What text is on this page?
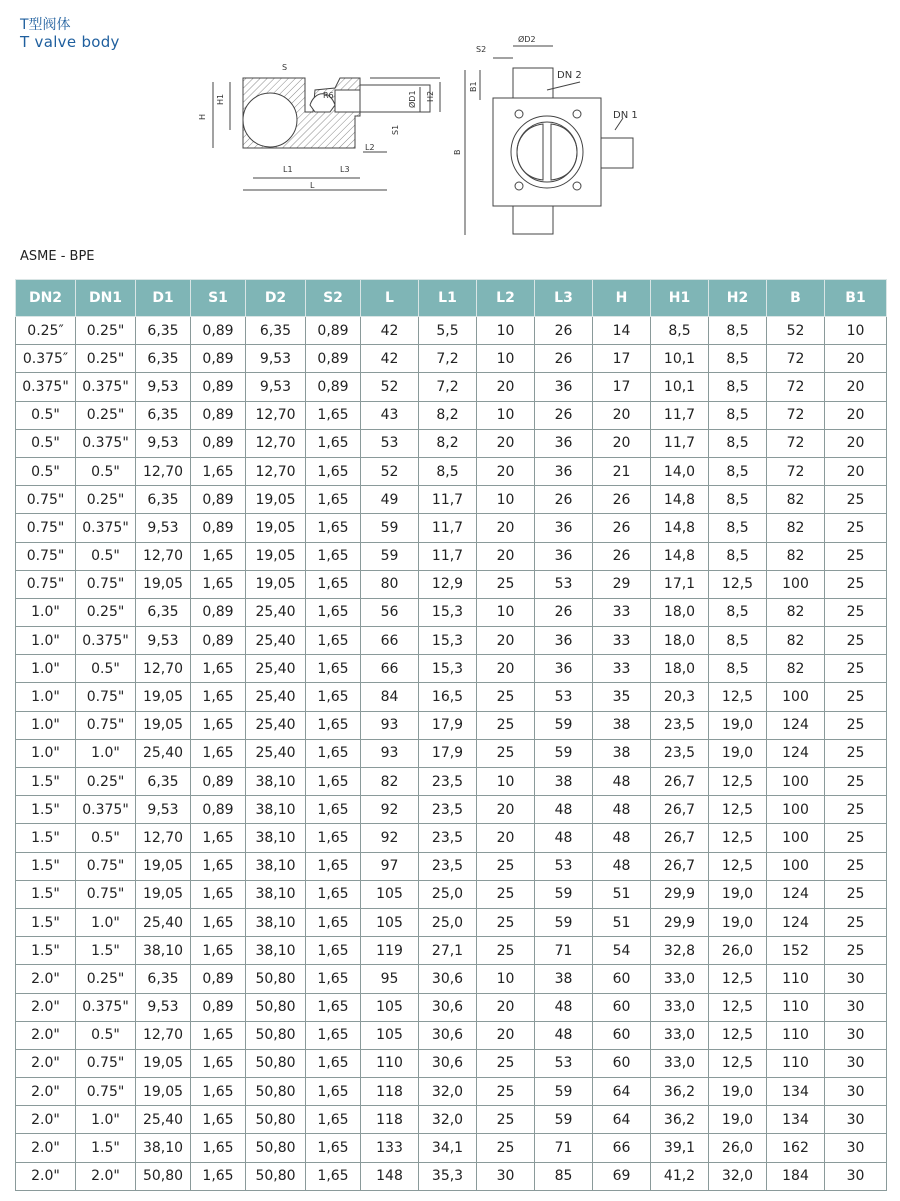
T型阀体
T valve body
S
H
H1	R6	ØD1 H2
S1
L2
L1	L3
L
S2
ØD2
B1
DN 2
DN 1
B
ASME - BPE
DN2	DN1	D1	S1	D2	S2	L	L1	L2	L3	H	H1	H2	B	B1
0.25″	0.25"	6,35	0,89	6,35	0,89	42	5,5	10	26	14	8,5	8,5	52	10
0.375″	0.25"	6,35	0,89	9,53	0,89	42	7,2	10	26	17	10,1	8,5	72	20
0.375"	0.375"	9,53	0,89	9,53	0,89	52	7,2	20	36	17	10,1	8,5	72	20
0.5"	0.25"	6,35	0,89	12,70	1,65	43	8,2	10	26	20	11,7	8,5	72	20
0.5"	0.375"	9,53	0,89	12,70	1,65	53	8,2	20	36	20	11,7	8,5	72	20
0.5"	0.5"	12,70	1,65	12,70	1,65	52	8,5	20	36	21	14,0	8,5	72	20
0.75"	0.25"	6,35	0,89	19,05	1,65	49	11,7	10	26	26	14,8	8,5	82	25
0.75"	0.375"	9,53	0,89	19,05	1,65	59	11,7	20	36	26	14,8	8,5	82	25
0.75"	0.5"	12,70	1,65	19,05	1,65	59	11,7	20	36	26	14,8	8,5	82	25
0.75"	0.75"	19,05	1,65	19,05	1,65	80	12,9	25	53	29	17,1	12,5	100	25
1.0"	0.25"	6,35	0,89	25,40	1,65	56	15,3	10	26	33	18,0	8,5	82	25
1.0"	0.375"	9,53	0,89	25,40	1,65	66	15,3	20	36	33	18,0	8,5	82	25
1.0"	0.5"	12,70	1,65	25,40	1,65	66	15,3	20	36	33	18,0	8,5	82	25
1.0"	0.75"	19,05	1,65	25,40	1,65	84	16,5	25	53	35	20,3	12,5	100	25
1.0"	0.75"	19,05	1,65	25,40	1,65	93	17,9	25	59	38	23,5	19,0	124	25
1.0"	1.0"	25,40	1,65	25,40	1,65	93	17,9	25	59	38	23,5	19,0	124	25
1.5"	0.25"	6,35	0,89	38,10	1,65	82	23,5	10	38	48	26,7	12,5	100	25
1.5"	0.375"	9,53	0,89	38,10	1,65	92	23,5	20	48	48	26,7	12,5	100	25
1.5"	0.5"	12,70	1,65	38,10	1,65	92	23,5	20	48	48	26,7	12,5	100	25
1.5"	0.75"	19,05	1,65	38,10	1,65	97	23,5	25	53	48	26,7	12,5	100	25
1.5"	0.75"	19,05	1,65	38,10	1,65	105	25,0	25	59	51	29,9	19,0	124	25
1.5"	1.0"	25,40	1,65	38,10	1,65	105	25,0	25	59	51	29,9	19,0	124	25
1.5"	1.5"	38,10	1,65	38,10	1,65	119	27,1	25	71	54	32,8	26,0	152	25
2.0"	0.25"	6,35	0,89	50,80	1,65	95	30,6	10	38	60	33,0	12,5	110	30
2.0"	0.375"	9,53	0,89	50,80	1,65	105	30,6	20	48	60	33,0	12,5	110	30
2.0"	0.5"	12,70	1,65	50,80	1,65	105	30,6	20	48	60	33,0	12,5	110	30
2.0"	0.75"	19,05	1,65	50,80	1,65	110	30,6	25	53	60	33,0	12,5	110	30
2.0"	0.75"	19,05	1,65	50,80	1,65	118	32,0	25	59	64	36,2	19,0	134	30
2.0"	1.0"	25,40	1,65	50,80	1,65	118	32,0	25	59	64	36,2	19,0	134	30
2.0"	1.5"	38,10	1,65	50,80	1,65	133	34,1	25	71	66	39,1	26,0	162	30
2.0"	2.0"	50,80	1,65	50,80	1,65	148	35,3	30	85	69	41,2	32,0	184	30
